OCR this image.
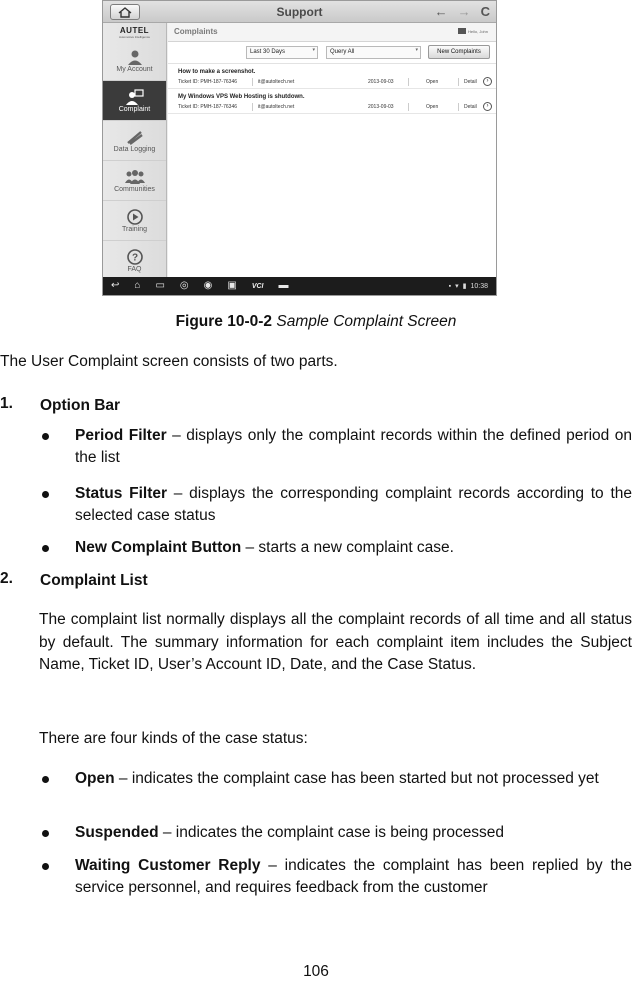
Support	← → C
AUTEL
Automotive Intelligence
My Account
Complaint
Data Logging
Communities
Training
?
FAQ
Complaints	Hello, John
Last 30 Days	▾	Query All	▾	New Complaints
How to make a screenshot.
Ticket ID: PMH-187-76346	it@autoltech.net	2013-09-03	Open	Detail	›
My Windows VPS Web Hosting is shutdown.
Ticket ID: PMH-187-76346	it@autoltech.net	2013-09-03	Open	Detail	›
↩ ⌂ ▭ ◎ ◉ ▣ VCI ▬	▪ ▾ ▮ 10:38
Figure 10-0-2 Sample Complaint Screen
The User Complaint screen consists of two parts.
1. Option Bar
Period Filter – displays only the complaint records within the defined period on the list
Status Filter – displays the corresponding complaint records according to the selected case status
New Complaint Button – starts a new complaint case.
2. Complaint List
The complaint list normally displays all the complaint records of all time and all status by default. The summary information for each complaint item includes the Subject Name, Ticket ID, User’s Account ID, Date, and the Case Status.
There are four kinds of the case status:
Open – indicates the complaint case has been started but not processed yet
Suspended – indicates the complaint case is being processed
Waiting Customer Reply – indicates the complaint has been replied by the service personnel, and requires feedback from the customer
106
